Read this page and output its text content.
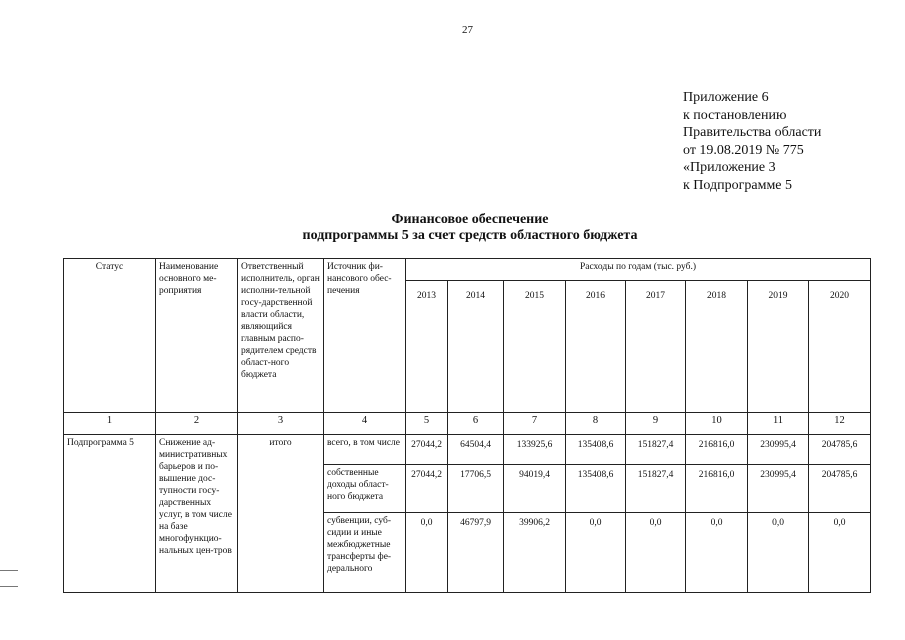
27
Приложение 6
к постановлению
Правительства области
от 19.08.2019 № 775
«Приложение 3
к Подпрограмме 5
Финансовое обеспечение
подпрограммы 5 за счет средств областного бюджета
Статус	Наименование основного ме-роприятия	Ответственный исполнитель, орган исполни-тельной госу-дарственной власти области, являющийся главным распо-рядителем средств област-ного бюджета	Источник фи-нансового обес-печения	Расходы по годам (тыс. руб.)							
				2013	2014	2015	2016	2017	2018	2019	2020
1	2	3	4	5	6	7	8	9	10	11	12
Подпрограмма 5	Снижение ад-министративных барьеров и по-вышение дос-тупности госу-дарственных услуг, в том числе на базе многофункцио-нальных цен-тров	итого	всего, в том числе	27044,2	64504,4	133925,6	135408,6	151827,4	216816,0	230995,4	204785,6
			собственные доходы област-ного бюджета	27044,2	17706,5	94019,4	135408,6	151827,4	216816,0	230995,4	204785,6
			субвенции, суб-сидии и иные межбюджетные трансферты фе-дерального	0,0	46797,9	39906,2	0,0	0,0	0,0	0,0	0,0
